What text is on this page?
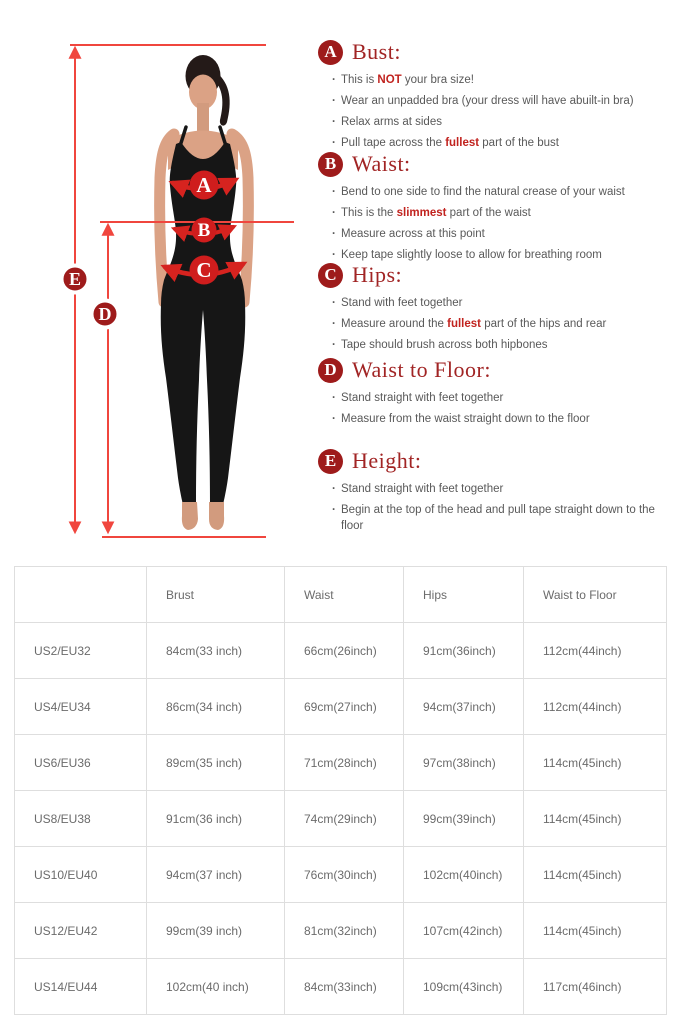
A
B
C
E
D
A Bust:
· This is NOT your bra size!
· Wear an unpadded bra (your dress will have abuilt-in bra)
· Relax arms at sides
· Pull tape across the fullest part of the bust
B Waist:
· Bend to one side to find the natural crease of your waist
· This is the slimmest part of the waist
· Measure across at this point
· Keep tape slightly loose to allow for breathing room
C Hips:
· Stand with feet together
· Measure around the fullest part of the hips and rear
· Tape should brush across both hipbones
D Waist to Floor:
· Stand straight with feet together
· Measure from the waist straight down to the floor
E Height:
· Stand straight with feet together
· Begin at the top of the head and pull tape straight down to the floor
	Brust	Waist	Hips	Waist to Floor
US2/EU32	84cm(33 inch)	66cm(26inch)	91cm(36inch)	112cm(44inch)
US4/EU34	86cm(34 inch)	69cm(27inch)	94cm(37inch)	112cm(44inch)
US6/EU36	89cm(35 inch)	71cm(28inch)	97cm(38inch)	114cm(45inch)
US8/EU38	91cm(36 inch)	74cm(29inch)	99cm(39inch)	114cm(45inch)
US10/EU40	94cm(37 inch)	76cm(30inch)	102cm(40inch)	114cm(45inch)
US12/EU42	99cm(39 inch)	81cm(32inch)	107cm(42inch)	114cm(45inch)
US14/EU44	102cm(40 inch)	84cm(33inch)	109cm(43inch)	117cm(46inch)
